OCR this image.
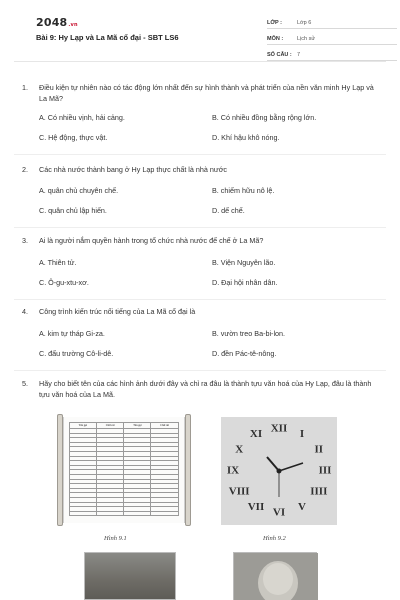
2048.vn
Bài 9: Hy Lạp và La Mã cổ đại - SBT LS6
LỚP :	Lớp 6
MÔN :	Lịch sử
SỐ CÂU : 7
1.	Điều kiện tự nhiên nào có tác động lớn nhất đến sự hình thành và phát triển của nền văn minh Hy Lạp và La Mã?
A. Có nhiều vịnh, hải cảng.	B. Có nhiều đồng bằng rộng lớn.
C. Hệ động, thực vật.	D. Khí hậu khô nóng.
2.	Các nhà nước thành bang ở Hy Lạp thực chất là nhà nước
A. quân chủ chuyên chế.	B. chiếm hữu nô lệ.
C. quân chủ lập hiến.	D. dế chế.
3.	Ai là người nắm quyền hành trong tổ chức nhà nước đế chế ở La Mã?
A. Thiên tử.	B. Viện Nguyên lão.
C. Ô-gu-xtu-xơ.	D. Đại hội nhân dân.
4.	Công trình kiến trúc nổi tiếng của La Mã cổ đại là
A. kim tự tháp Gi-za.	B. vườn treo Ba-bi-lon.
C. đấu trường Cô-li-dê.	D. đền Pác-tê-nông.
5.	Hãy cho biết tên của các hình ảnh dưới đây và chỉ ra đâu là thành tựu văn hoá của Hy Lạp, đâu là thành tựu văn hoá của La Mã.
Tên gọi	Chữ cái	Tên gọi	Chữ cái

Hình 9.1
XII I
II
III
IIII
V
VI
VII
VIII
IX
X
XI
Hình 9.2
